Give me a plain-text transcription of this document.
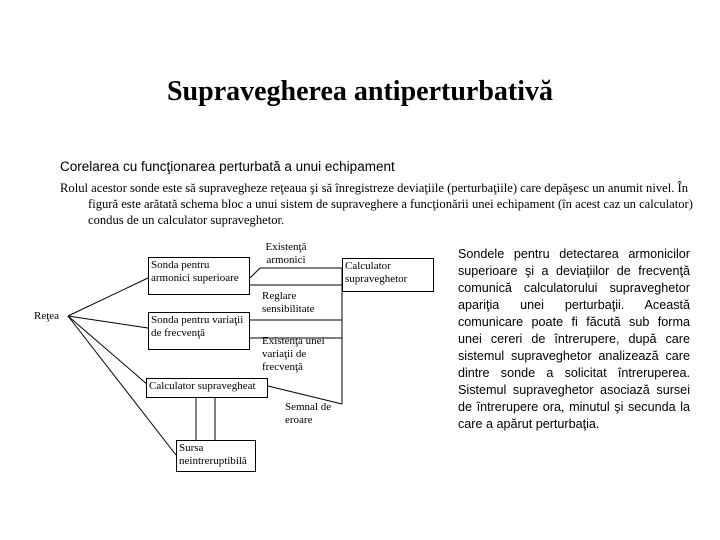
Supravegherea antiperturbativă
Corelarea cu funcţionarea perturbată a unui echipament
Rolul acestor sonde este să supravegheze reţeaua şi să înregistreze deviaţiile (perturbaţiile) care depăşesc un anumit nivel. În figură este arătată schema bloc a unui sistem de supraveghere a funcţionării unei echipament (în acest caz un calculator) condus de un calculator supraveghetor.
Reţea
Sonda pentru armonici superioare
Sonda pentru variaţii de frecvenţă
Calculator supravegheat
Sursa neintreruptibilă
Calculator supraveghetor
Existenţă armonici
Reglare sensibilitate
Existenţa unei variaţii de frecvenţă
Semnal de eroare
Sondele pentru detectarea armonicilor superioare şi a deviaţiilor de frecvenţă comunică calculatorului supraveghetor apariţia unei perturbaţii. Această comunicare poate fi făcută sub forma unei cereri de întrerupere, după care sistemul supraveghetor analizează care dintre sonde a solicitat întreruperea. Sistemul supraveghetor asociază sursei de întrerupere ora, minutul şi secunda la care a apărut perturbaţia.
